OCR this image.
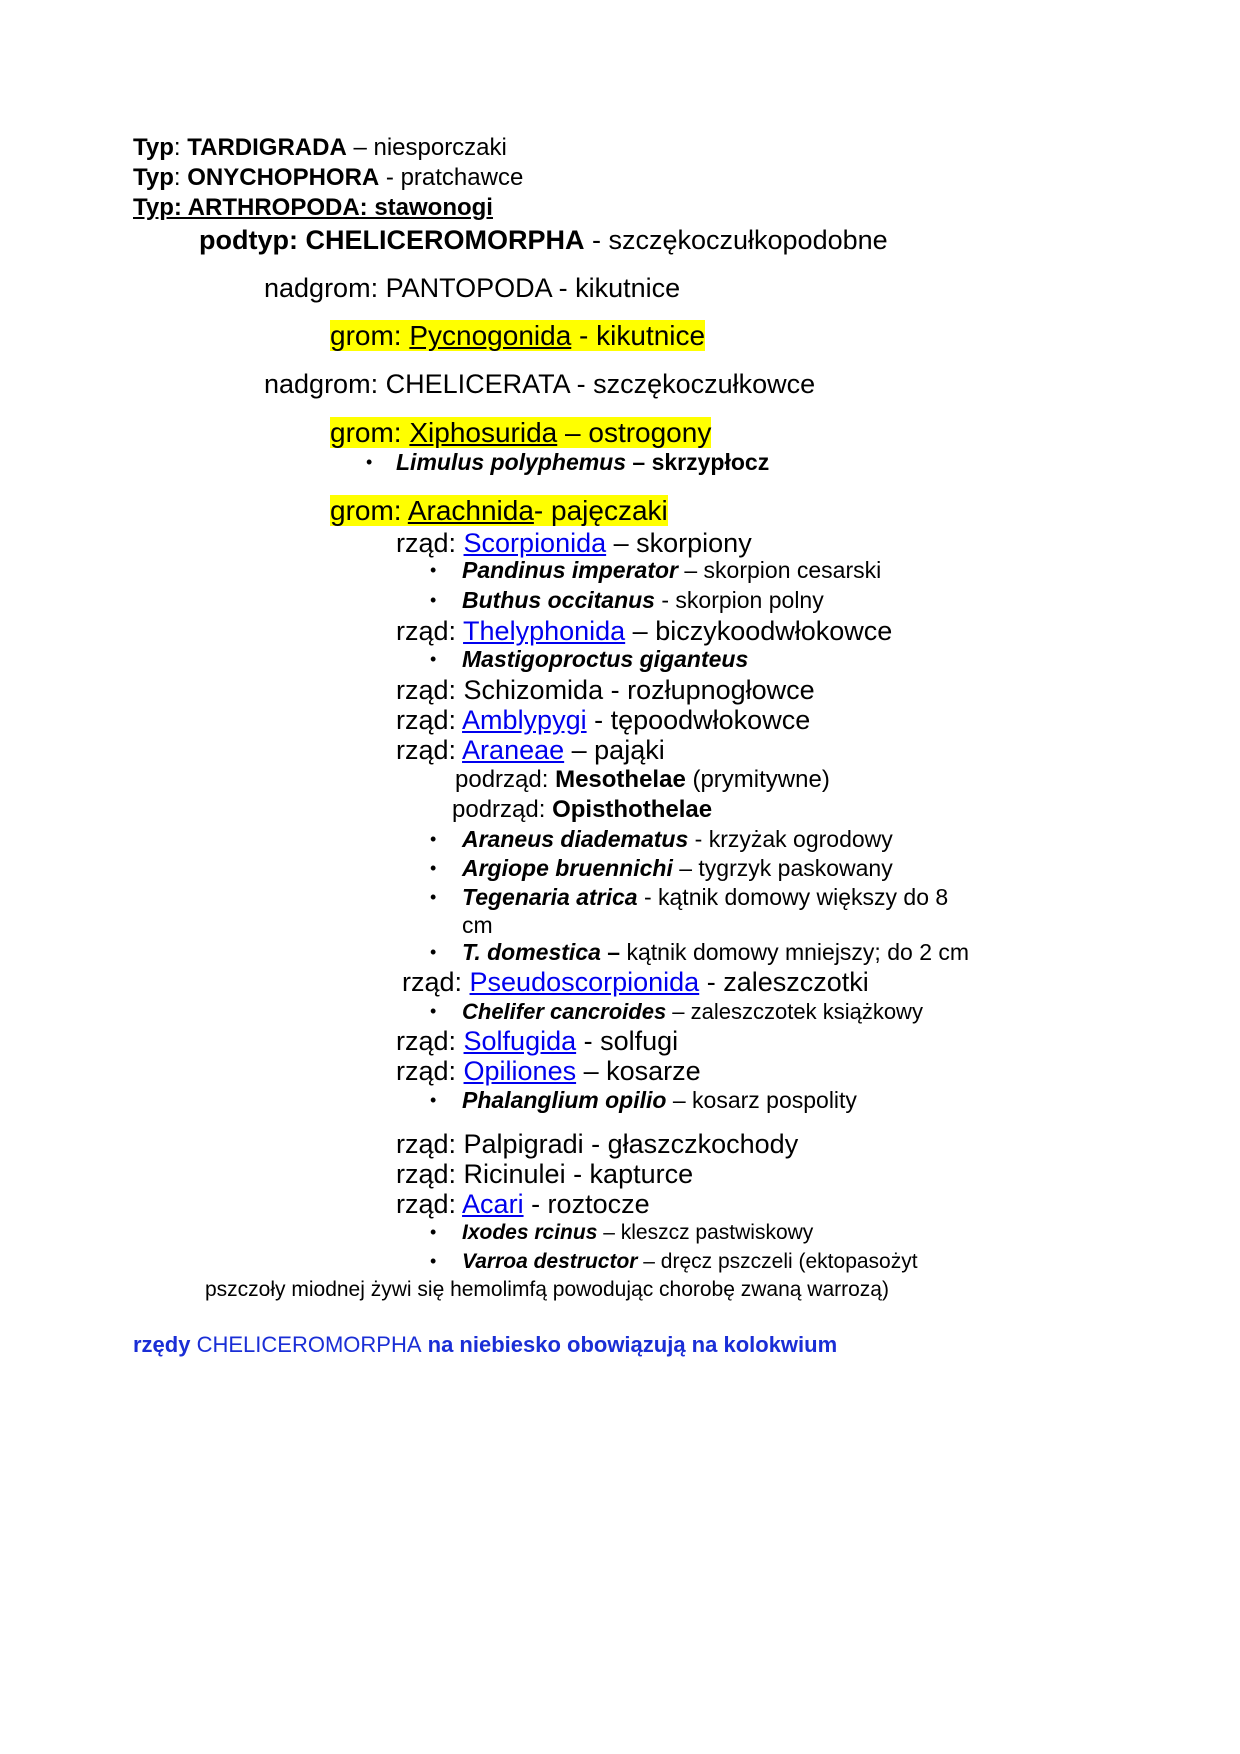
Typ: TARDIGRADA – niesporczaki
Typ: ONYCHOPHORA - pratchawce
Typ: ARTHROPODA: stawonogi
podtyp: CHELICEROMORPHA - szczękoczułkopodobne
nadgrom: PANTOPODA - kikutnice
grom: Pycnogonida - kikutnice
nadgrom: CHELICERATA - szczękoczułkowce
grom: Xiphosurida – ostrogony
• Limulus polyphemus – skrzypłocz
grom: Arachnida- pajęczaki
rząd: Scorpionida – skorpiony
• Pandinus imperator – skorpion cesarski
• Buthus occitanus - skorpion polny
rząd: Thelyphonida – biczykoodwłokowce
• Mastigoproctus giganteus
rząd: Schizomida - rozłupnogłowce
rząd: Amblypygi - tępoodwłokowce
rząd: Araneae – pająki
podrząd: Mesothelae (prymitywne)
podrząd: Opisthothelae
• Araneus diadematus - krzyżak ogrodowy
• Argiope bruennichi – tygrzyk paskowany
• Tegenaria atrica - kątnik domowy większy do 8
cm
• T. domestica – kątnik domowy mniejszy; do 2 cm
rząd: Pseudoscorpionida - zaleszczotki
• Chelifer cancroides – zaleszczotek książkowy
rząd: Solfugida - solfugi
rząd: Opiliones – kosarze
• Phalanglium opilio – kosarz pospolity
rząd: Palpigradi - głaszczkochody
rząd: Ricinulei - kapturce
rząd: Acari - roztocze
• Ixodes rcinus – kleszcz pastwiskowy
• Varroa destructor – dręcz pszczeli (ektopasożyt
pszczoły miodnej żywi się hemolimfą powodując chorobę zwaną warrozą)
rzędy CHELICEROMORPHA na niebiesko obowiązują na kolokwium
